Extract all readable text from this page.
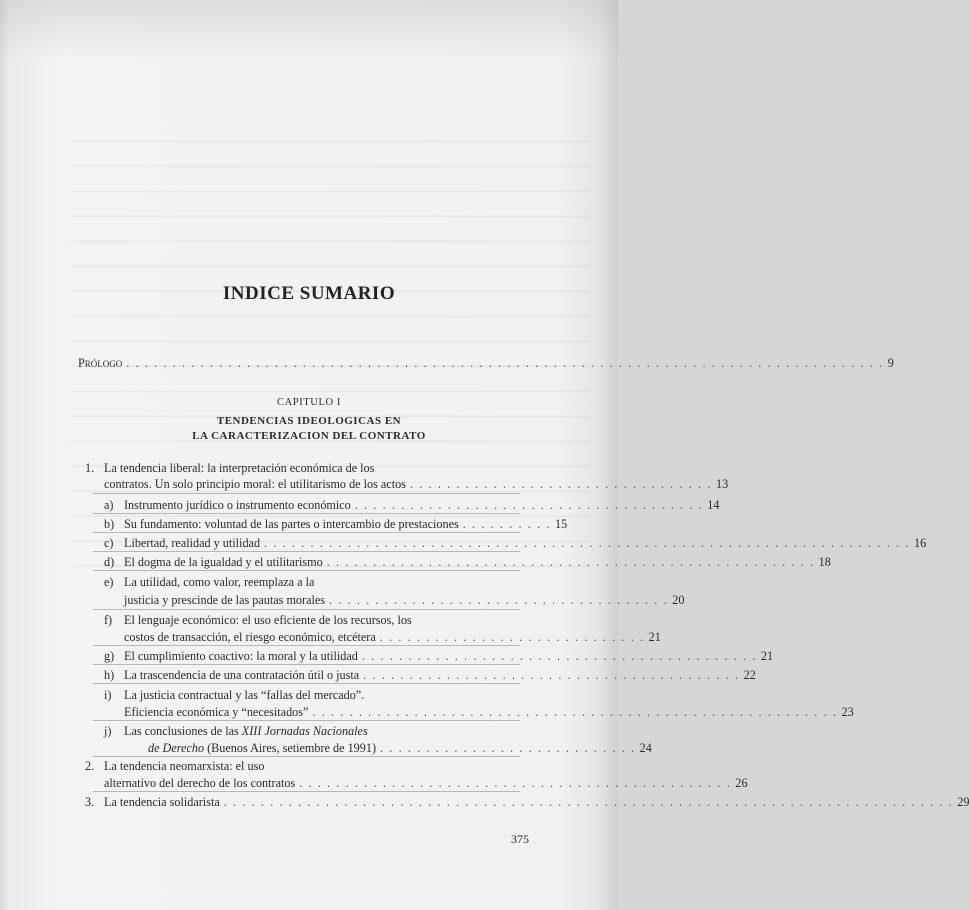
INDICE SUMARIO
Prólogo . . . . . . . . . . . . . . . . . . . . . . . . . . . . . . . . . . . . . . . . . . . . . . . . . . . . . . . . . . . . . . . . . . . . . . . . . . . . . . . . . . 9
CAPITULO I
TENDENCIAS IDEOLOGICAS EN
LA CARACTERIZACION DEL CONTRATO
1. La tendencia liberal: la interpretación económica de los
contratos. Un solo principio moral: el utilitarismo de los actos . . . . . . . . . . . . . . . . . . . . . . . . . . . . . . . . . 13
a) Instrumento jurídico o instrumento económico . . . . . . . . . . . . . . . . . . . . . . . . . . . . . . . . . . . . . . 14
b) Su fundamento: voluntad de las partes o intercambio de prestaciones . . . . . . . . . . 15
c) Libertad, realidad y utilidad . . . . . . . . . . . . . . . . . . . . . . . . . . . . . . . . . . . . . . . . . . . . . . . . . . . . . . . . . . . . . . . . . . . . . . 16
d) El dogma de la igualdad y el utilitarismo . . . . . . . . . . . . . . . . . . . . . . . . . . . . . . . . . . . . . . . . . . . . . . . . . . . . . 18
e) La utilidad, como valor, reemplaza a la
justicia y prescinde de las pautas morales . . . . . . . . . . . . . . . . . . . . . . . . . . . . . . . . . . . . . 20
f) El lenguaje económico: el uso eficiente de los recursos, los
costos de transacción, el riesgo económico, etcétera . . . . . . . . . . . . . . . . . . . . . . . . . . . . . 21
g) El cumplimiento coactivo: la moral y la utilidad . . . . . . . . . . . . . . . . . . . . . . . . . . . . . . . . . . . . . . . . . . . 21
h) La trascendencia de una contratación útil o justa . . . . . . . . . . . . . . . . . . . . . . . . . . . . . . . . . . . . . . . . . 22
i) La justicia contractual y las “fallas del mercado”.
Eficiencia económica y “necesitados” . . . . . . . . . . . . . . . . . . . . . . . . . . . . . . . . . . . . . . . . . . . . . . . . . . . . . . . . . 23
j) Las conclusiones de las XIII Jornadas Nacionales
de Derecho (Buenos Aires, setiembre de 1991) . . . . . . . . . . . . . . . . . . . . . . . . . . . . 24
2. La tendencia neomarxista: el uso
alternativo del derecho de los contratos . . . . . . . . . . . . . . . . . . . . . . . . . . . . . . . . . . . . . . . . . . . . . . . 26
3. La tendencia solidarista . . . . . . . . . . . . . . . . . . . . . . . . . . . . . . . . . . . . . . . . . . . . . . . . . . . . . . . . . . . . . . . . . . . . . . . . . . . . . . . 29
375
